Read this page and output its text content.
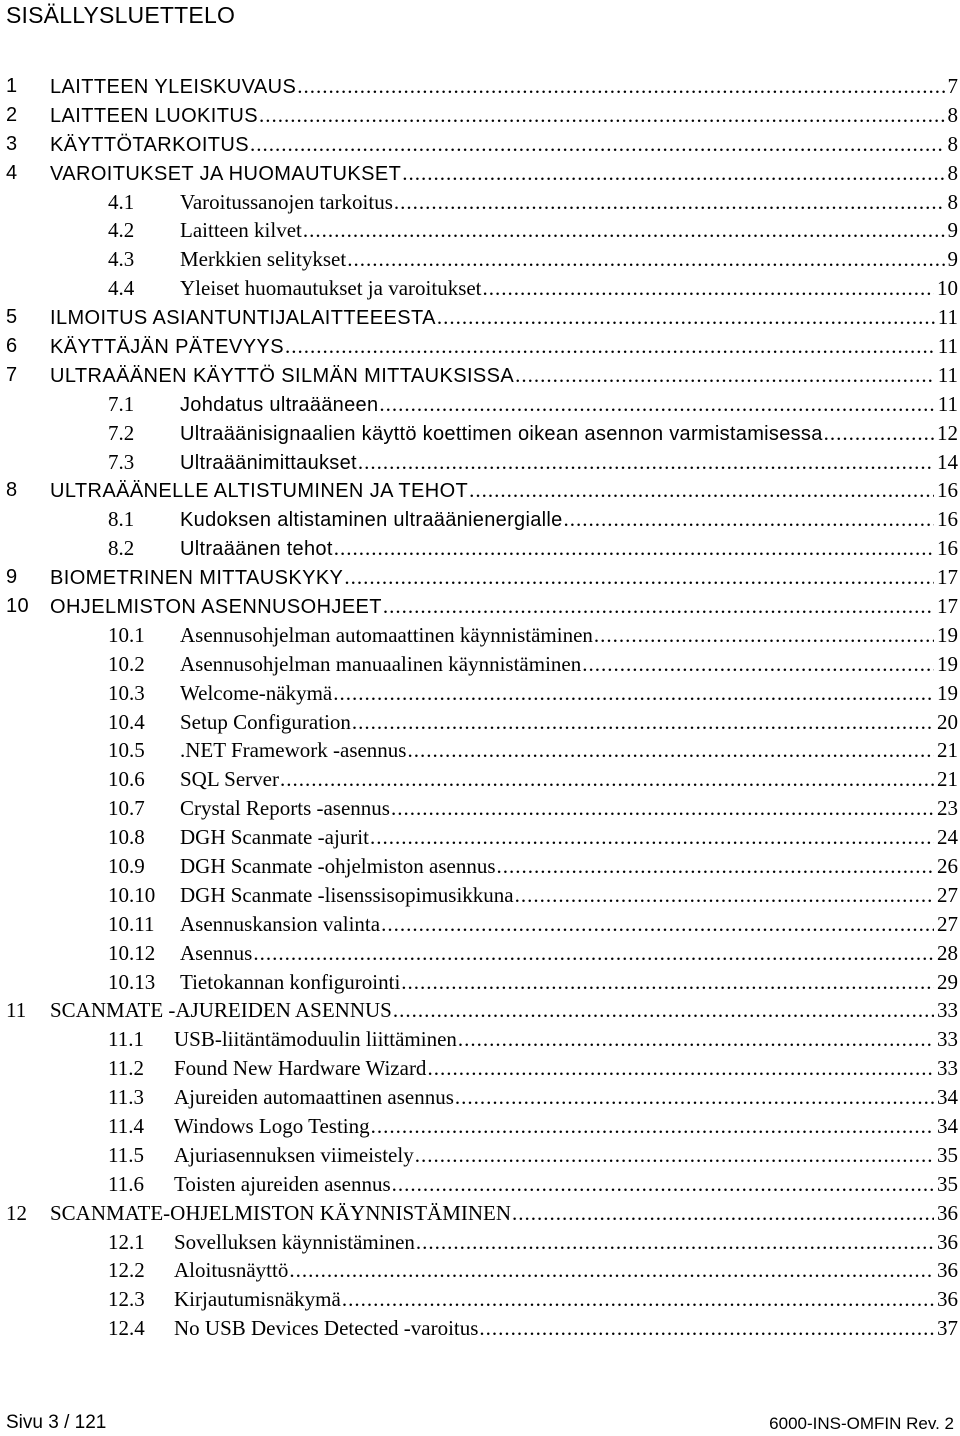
SISÄLLYSLUETTELO
1 LAITTEEN YLEISKUVAUS .....	7
2 LAITTEEN LUOKITUS .....	8
3 KÄYTTÖTARKOITUS .....	8
4 VAROITUKSET JA HUOMAUTUKSET .....	8
4.1 Varoitussanojen tarkoitus .....	8
4.2 Laitteen kilvet .....	9
4.3 Merkkien selitykset .....	9
4.4 Yleiset huomautukset ja varoitukset .....	10
5 ILMOITUS ASIANTUNTIJALAITTEEESTA .....	11
6 KÄYTTÄJÄN PÄTEVYYS .....	11
7 ULTRAÄÄNEN KÄYTTÖ SILMÄN MITTAUKSISSA .....	11
7.1 Johdatus ultraääneen .....	11
7.2 Ultraäänisignaalien käyttö koettimen oikean asennon varmistamisessa .....	12
7.3 Ultraäänimittaukset .....	14
8 ULTRAÄÄNELLE ALTISTUMINEN JA TEHOT .....	16
8.1 Kudoksen altistaminen ultraäänienergialle .....	16
8.2 Ultraäänen tehot .....	16
9 BIOMETRINEN MITTAUSKYKY .....	17
10 OHJELMISTON ASENNUSOHJEET .....	17
10.1 Asennusohjelman automaattinen käynnistäminen .....	19
10.2 Asennusohjelman manuaalinen käynnistäminen .....	19
10.3 Welcome-näkymä .....	19
10.4 Setup Configuration .....	20
10.5 .NET Framework -asennus .....	21
10.6 SQL Server .....	21
10.7 Crystal Reports -asennus .....	23
10.8 DGH Scanmate -ajurit .....	24
10.9 DGH Scanmate -ohjelmiston asennus .....	26
10.10 DGH Scanmate -lisenssisopimusikkuna .....	27
10.11 Asennuskansion valinta .....	27
10.12 Asennus .....	28
10.13 Tietokannan konfigurointi .....	29
11 SCANMATE -AJUREIDEN ASENNUS .....	33
11.1 USB-liitäntämoduulin liittäminen .....	33
11.2 Found New Hardware Wizard .....	33
11.3 Ajureiden automaattinen asennus .....	34
11.4 Windows Logo Testing .....	34
11.5 Ajuriasennuksen viimeistely .....	35
11.6 Toisten ajureiden asennus .....	35
12 SCANMATE-OHJELMISTON KÄYNNISTÄMINEN .....	36
12.1 Sovelluksen käynnistäminen .....	36
12.2 Aloitusnäyttö .....	36
12.3 Kirjautumisnäkymä .....	36
12.4 No USB Devices Detected -varoitus .....	37
Sivu 3 / 121	6000-INS-OMFIN Rev. 2
